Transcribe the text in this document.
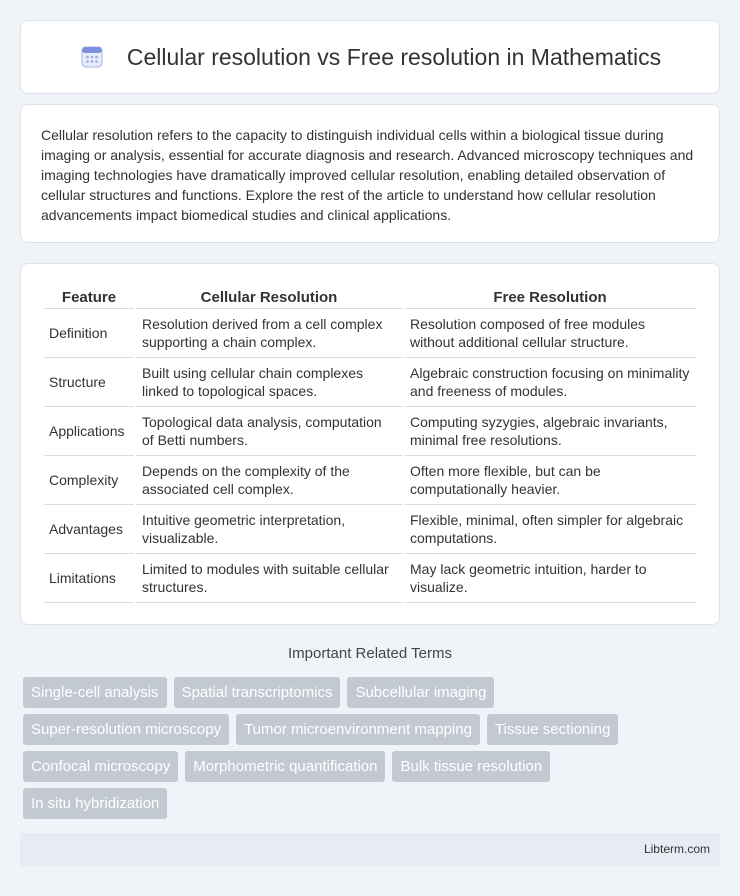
Cellular resolution vs Free resolution in Mathematics

Cellular resolution refers to the capacity to distinguish individual cells within a biological tissue during imaging or analysis, essential for accurate diagnosis and research. Advanced microscopy techniques and imaging technologies have dramatically improved cellular resolution, enabling detailed observation of cellular structures and functions. Explore the rest of the article to understand how cellular resolution advancements impact biomedical studies and clinical applications.

Feature	Cellular Resolution	Free Resolution
Definition	Resolution derived from a cell complex supporting a chain complex.	Resolution composed of free modules without additional cellular structure.
Structure	Built using cellular chain complexes linked to topological spaces.	Algebraic construction focusing on minimality and freeness of modules.
Applications	Topological data analysis, computation of Betti numbers.	Computing syzygies, algebraic invariants, minimal free resolutions.
Complexity	Depends on the complexity of the associated cell complex.	Often more flexible, but can be computationally heavier.
Advantages	Intuitive geometric interpretation, visualizable.	Flexible, minimal, often simpler for algebraic computations.
Limitations	Limited to modules with suitable cellular structures.	May lack geometric intuition, harder to visualize.
Important Related Terms
Single-cell analysis	Spatial transcriptomics	Subcellular imaging
Super-resolution microscopy	Tumor microenvironment mapping	Tissue sectioning
Confocal microscopy	Morphometric quantification	Bulk tissue resolution
In situ hybridization
Libterm.com
